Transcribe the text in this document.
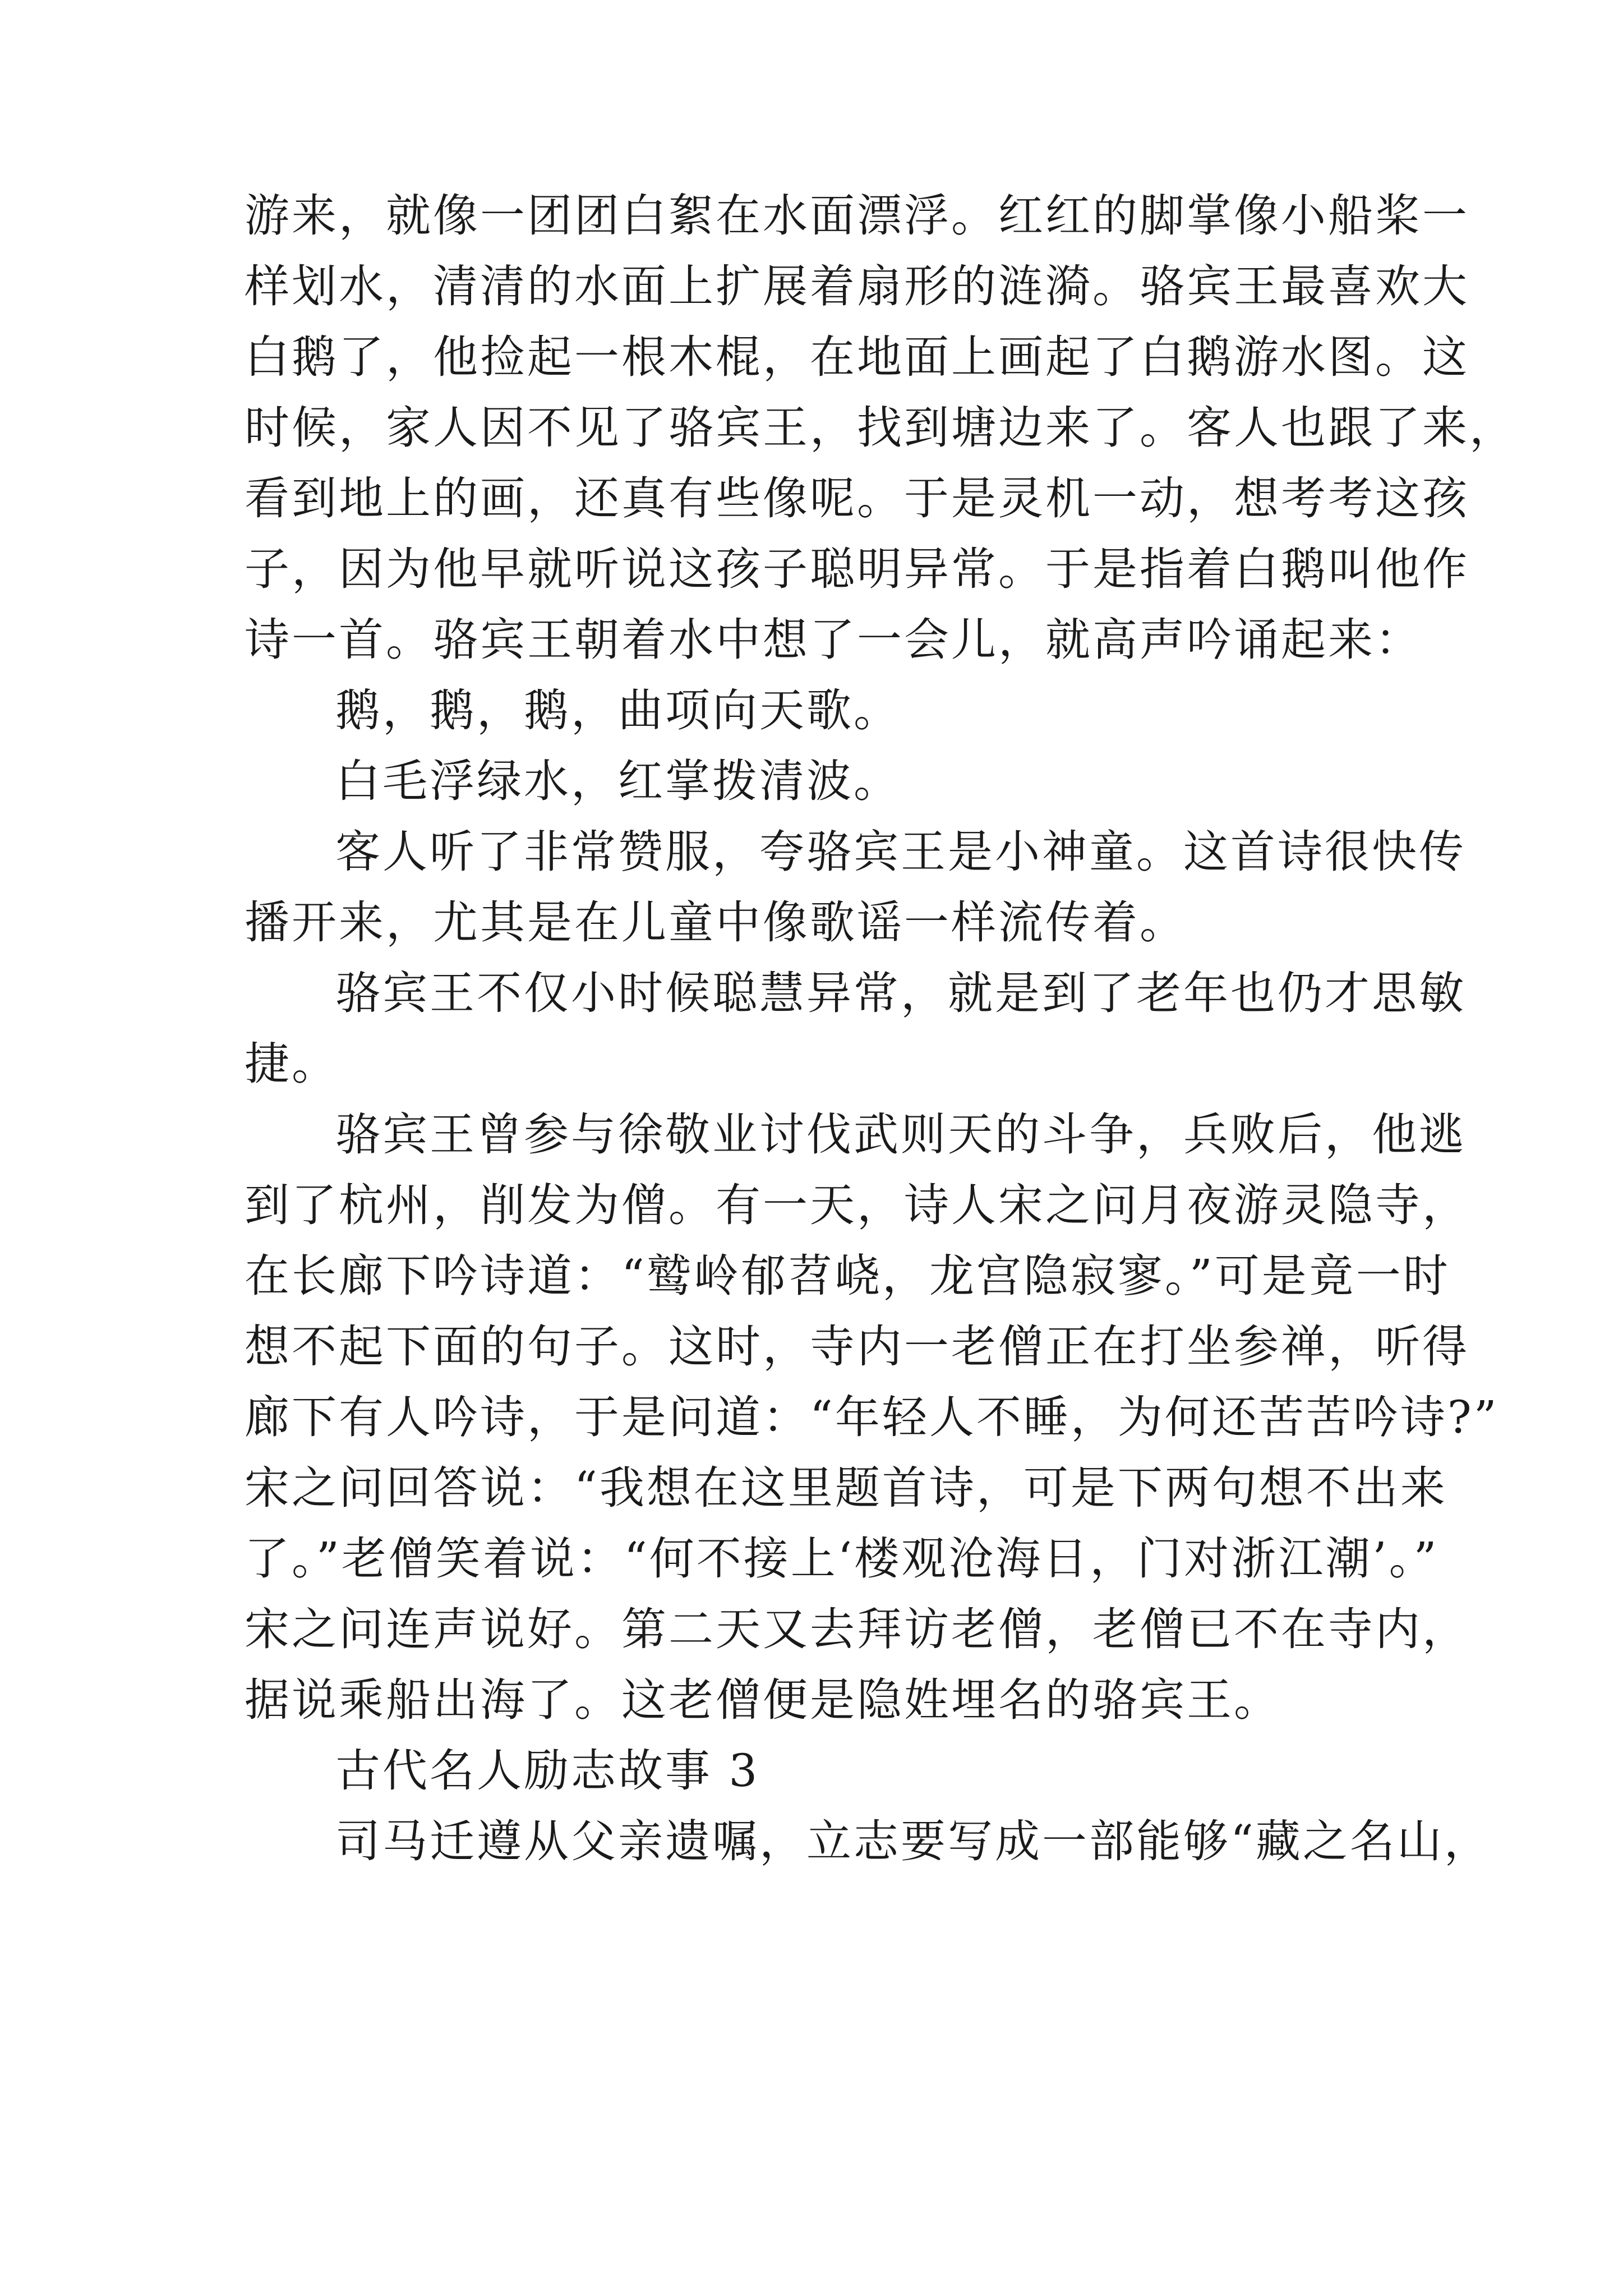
游来，就像一团团白絮在水面漂浮。红红的脚掌像小船桨一
样划水，清清的水面上扩展着扇形的涟漪。骆宾王最喜欢大
白鹅了，他捡起一根木棍，在地面上画起了白鹅游水图。这
时候，家人因不见了骆宾王，找到塘边来了。客人也跟了来，
看到地上的画，还真有些像呢。于是灵机一动，想考考这孩
子，因为他早就听说这孩子聪明异常。于是指着白鹅叫他作
诗一首。骆宾王朝着水中想了一会儿，就高声吟诵起来：

鹅，鹅，鹅，曲项向天歌。

白毛浮绿水，红掌拨清波。

客人听了非常赞服，夸骆宾王是小神童。这首诗很快传
播开来，尤其是在儿童中像歌谣一样流传着。

骆宾王不仅小时候聪慧异常，就是到了老年也仍才思敏
捷。

骆宾王曾参与徐敬业讨伐武则天的斗争，兵败后，他逃
到了杭州，削发为僧。有一天，诗人宋之问月夜游灵隐寺，
在长廊下吟诗道：“鹫岭郁苕峣，龙宫隐寂寥。”可是竟一时
想不起下面的句子。这时，寺内一老僧正在打坐参禅，听得
廊下有人吟诗，于是问道：“年轻人不睡，为何还苦苦吟诗?”
宋之问回答说：“我想在这里题首诗，可是下两句想不出来
了。”老僧笑着说：“何不接上‘楼观沧海日，门对浙江潮’。”
宋之问连声说好。第二天又去拜访老僧，老僧已不在寺内，
据说乘船出海了。这老僧便是隐姓埋名的骆宾王。

古代名人励志故事 3

司马迁遵从父亲遗嘱，立志要写成一部能够“藏之名山，
